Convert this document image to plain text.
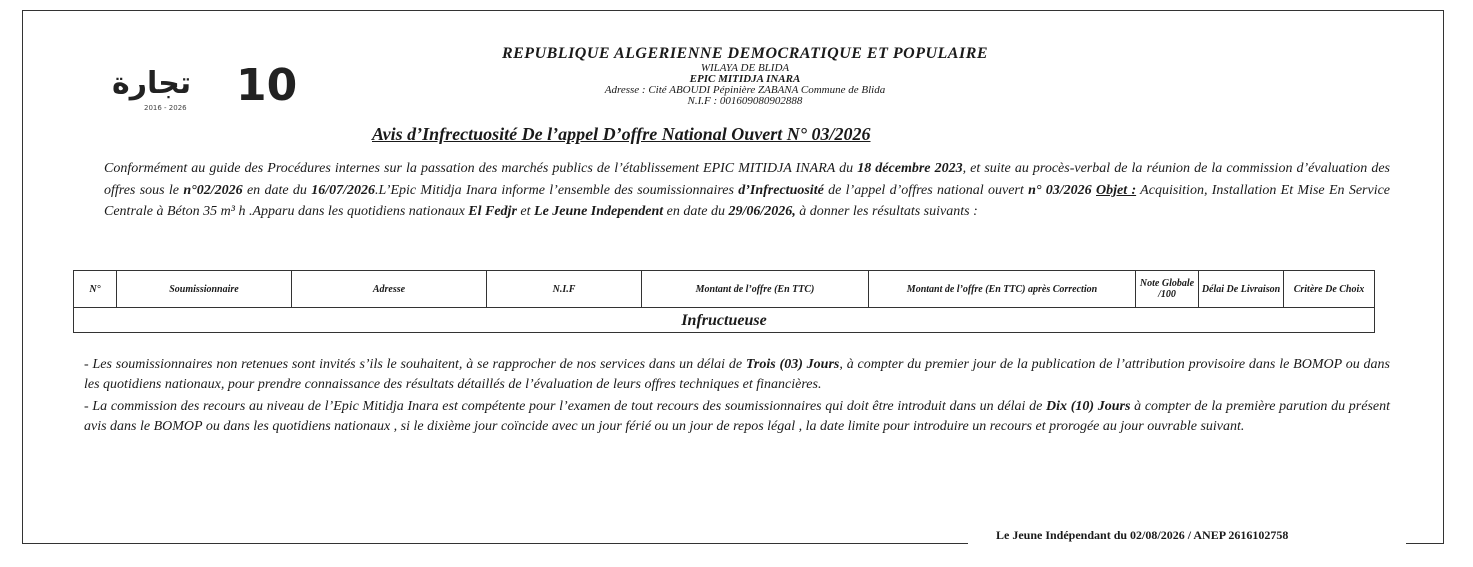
تجارة 10
2016 - 2026
REPUBLIQUE ALGERIENNE DEMOCRATIQUE ET POPULAIRE
WILAYA DE BLIDA
EPIC MITIDJA INARA
Adresse : Cité ABOUDI Pépinière ZABANA Commune de Blida
N.I.F : 001609080902888
Avis d’Infrectuosité De l’appel D’offre National Ouvert N° 03/2026
Conformément au guide des Procédures internes sur la passation des marchés publics de l’établissement EPIC MITIDJA INARA du 18 décembre 2023, et suite au procès-verbal de la réunion de la commission d’évaluation des offres sous le n°02/2026 en date du 16/07/2026.L’Epic Mitidja Inara informe l’ensemble des soumissionnaires d’Infrectuosité de l’appel d’offres national ouvert n° 03/2026 Objet : Acquisition, Installation Et Mise En Service Centrale à Béton 35 m³ h .Apparu dans les quotidiens nationaux El Fedjr et Le Jeune Independent en date du 29/06/2026, à donner les résultats suivants :
N°	Soumissionnaire	Adresse	N.I.F	Montant de l’offre (En TTC)	Montant de l’offre (En TTC) après Correction	Note Globale /100	Délai De Livraison	Critère De Choix
Infructueuse

- Les soumissionnaires non retenues sont invités s’ils le souhaitent, à se rapprocher de nos services dans un délai de Trois (03) Jours, à compter du premier jour de la publication de l’attribution provisoire dans le BOMOP ou dans les quotidiens nationaux, pour prendre connaissance des résultats détaillés de l’évaluation de leurs offres techniques et financières.

- La commission des recours au niveau de l’Epic Mitidja Inara est compétente pour l’examen de tout recours des soumissionnaires qui doit être introduit dans un délai de Dix (10) Jours à compter de la première parution du présent avis dans le BOMOP ou dans les quotidiens nationaux , si le dixième jour coïncide avec un jour férié ou un jour de repos légal , la date limite pour introduire un recours et prorogée au jour ouvrable suivant.

Le Jeune Indépendant du 02/08/2026 / ANEP 2616102758
